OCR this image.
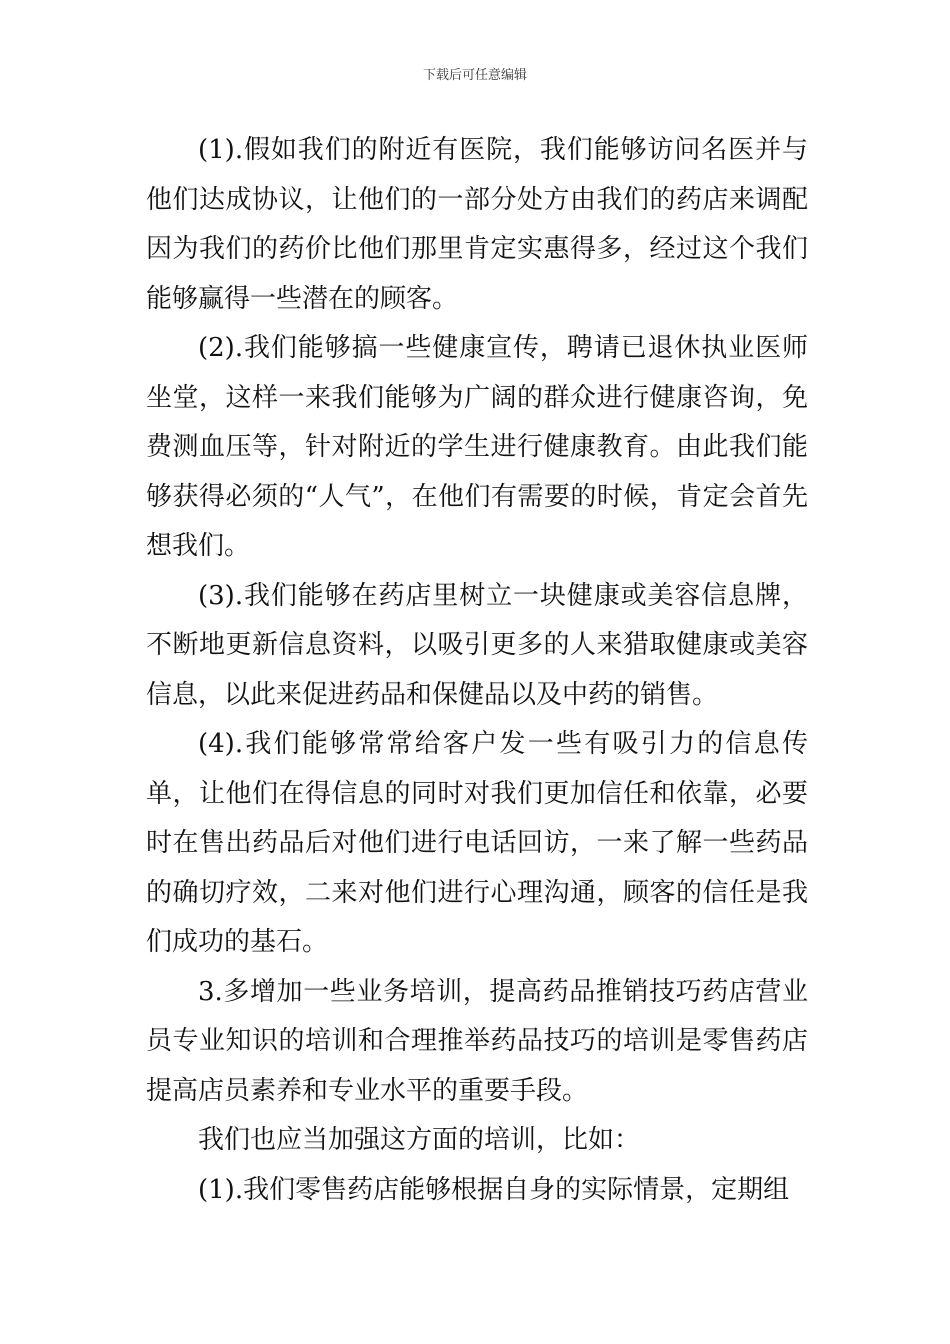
下载后可任意编辑

(1).假如我们的附近有医院，我们能够访问名医并与他们达成协议，让他们的一部分处方由我们的药店来调配因为我们的药价比他们那里肯定实惠得多，经过这个我们能够赢得一些潜在的顾客。

(2).我们能够搞一些健康宣传，聘请已退休执业医师坐堂，这样一来我们能够为广阔的群众进行健康咨询，免费测血压等，针对附近的学生进行健康教育。由此我们能够获得必须的“人气”，在他们有需要的时候，肯定会首先想我们。

(3).我们能够在药店里树立一块健康或美容信息牌，不断地更新信息资料，以吸引更多的人来猎取健康或美容信息，以此来促进药品和保健品以及中药的销售。

(4).我们能够常常给客户发一些有吸引力的信息传单，让他们在得信息的同时对我们更加信任和依靠，必要时在售出药品后对他们进行电话回访，一来了解一些药品的确切疗效，二来对他们进行心理沟通，顾客的信任是我们成功的基石。

3.多增加一些业务培训，提高药品推销技巧药店营业员专业知识的培训和合理推举药品技巧的培训是零售药店提高店员素养和专业水平的重要手段。

我们也应当加强这方面的培训，比如：

(1).我们零售药店能够根据自身的实际情景，定期组
